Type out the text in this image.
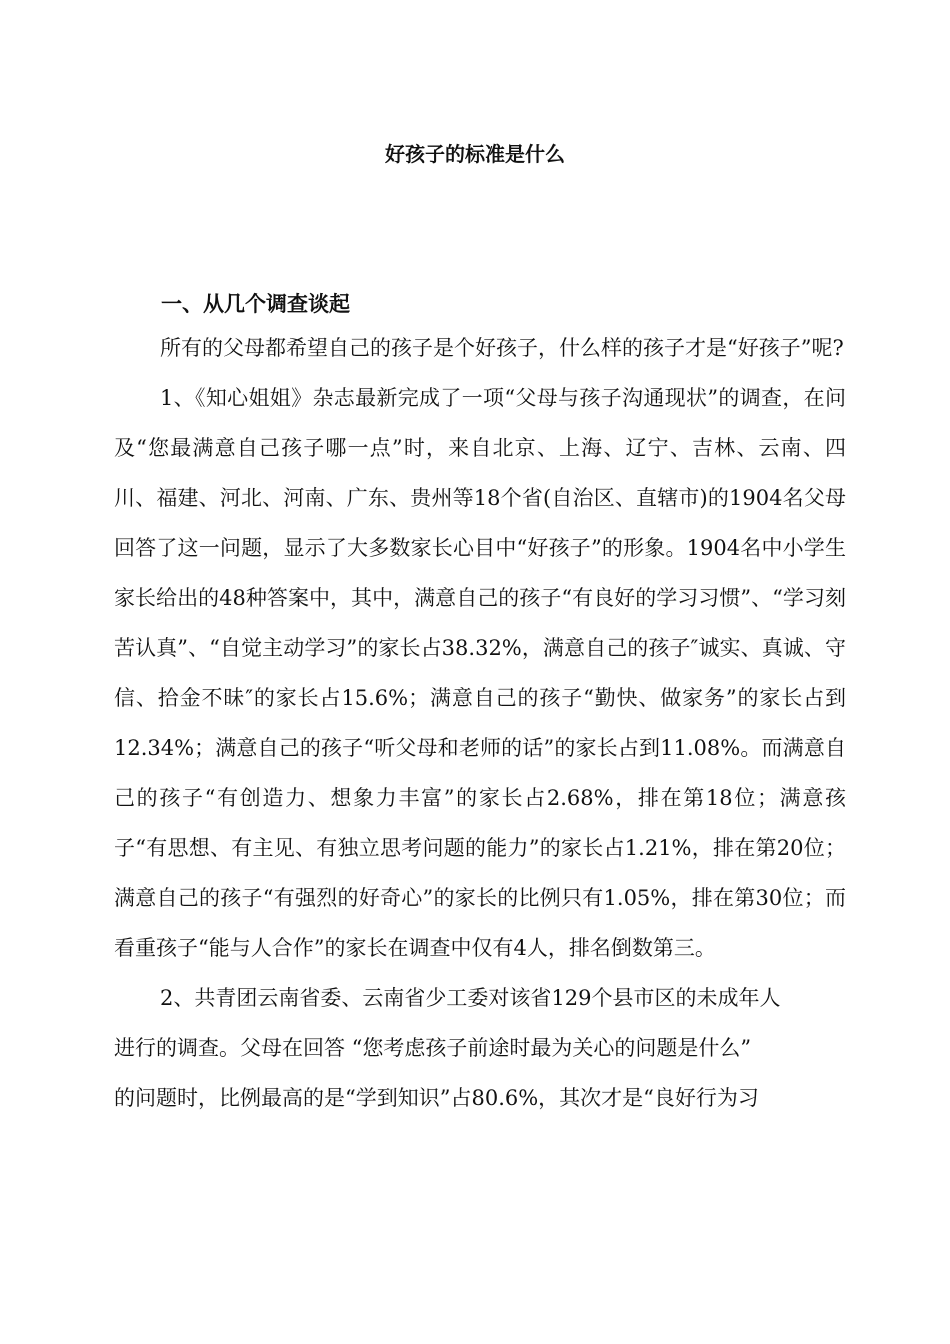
好孩子的标准是什么
一、从几个调查谈起

所有的父母都希望自己的孩子是个好孩子，什么样的孩子才是“好孩子”呢?

1、《知心姐姐》杂志最新完成了一项“父母与孩子沟通现状”的调查，在问及“您最满意自己孩子哪一点”时，来自北京、上海、辽宁、吉林、云南、四川、福建、河北、河南、广东、贵州等18个省(自治区、直辖市)的1904名父母回答了这一问题，显示了大多数家长心目中“好孩子”的形象。1904名中小学生家长给出的48种答案中，其中，满意自己的孩子“有良好的学习习惯”、“学习刻苦认真”、“自觉主动学习”的家长占38.32%，满意自己的孩子″诚实、真诚、守信、拾金不昧″的家长占15.6%；满意自己的孩子“勤快、做家务”的家长占到12.34%；满意自己的孩子“听父母和老师的话”的家长占到11.08%。而满意自己的孩子“有创造力、想象力丰富”的家长占2.68%，排在第18位；满意孩子“有思想、有主见、有独立思考问题的能力”的家长占1.21%，排在第20位；满意自己的孩子“有强烈的好奇心”的家长的比例只有1.05%，排在第30位；而看重孩子“能与人合作”的家长在调查中仅有4人，排名倒数第三。

2、共青团云南省委、云南省少工委对该省129个县市区的未成年人
进行的调查。父母在回答 “您考虑孩子前途时最为关心的问题是什么”
的问题时，比例最高的是“学到知识”占80.6%，其次才是“良好行为习
